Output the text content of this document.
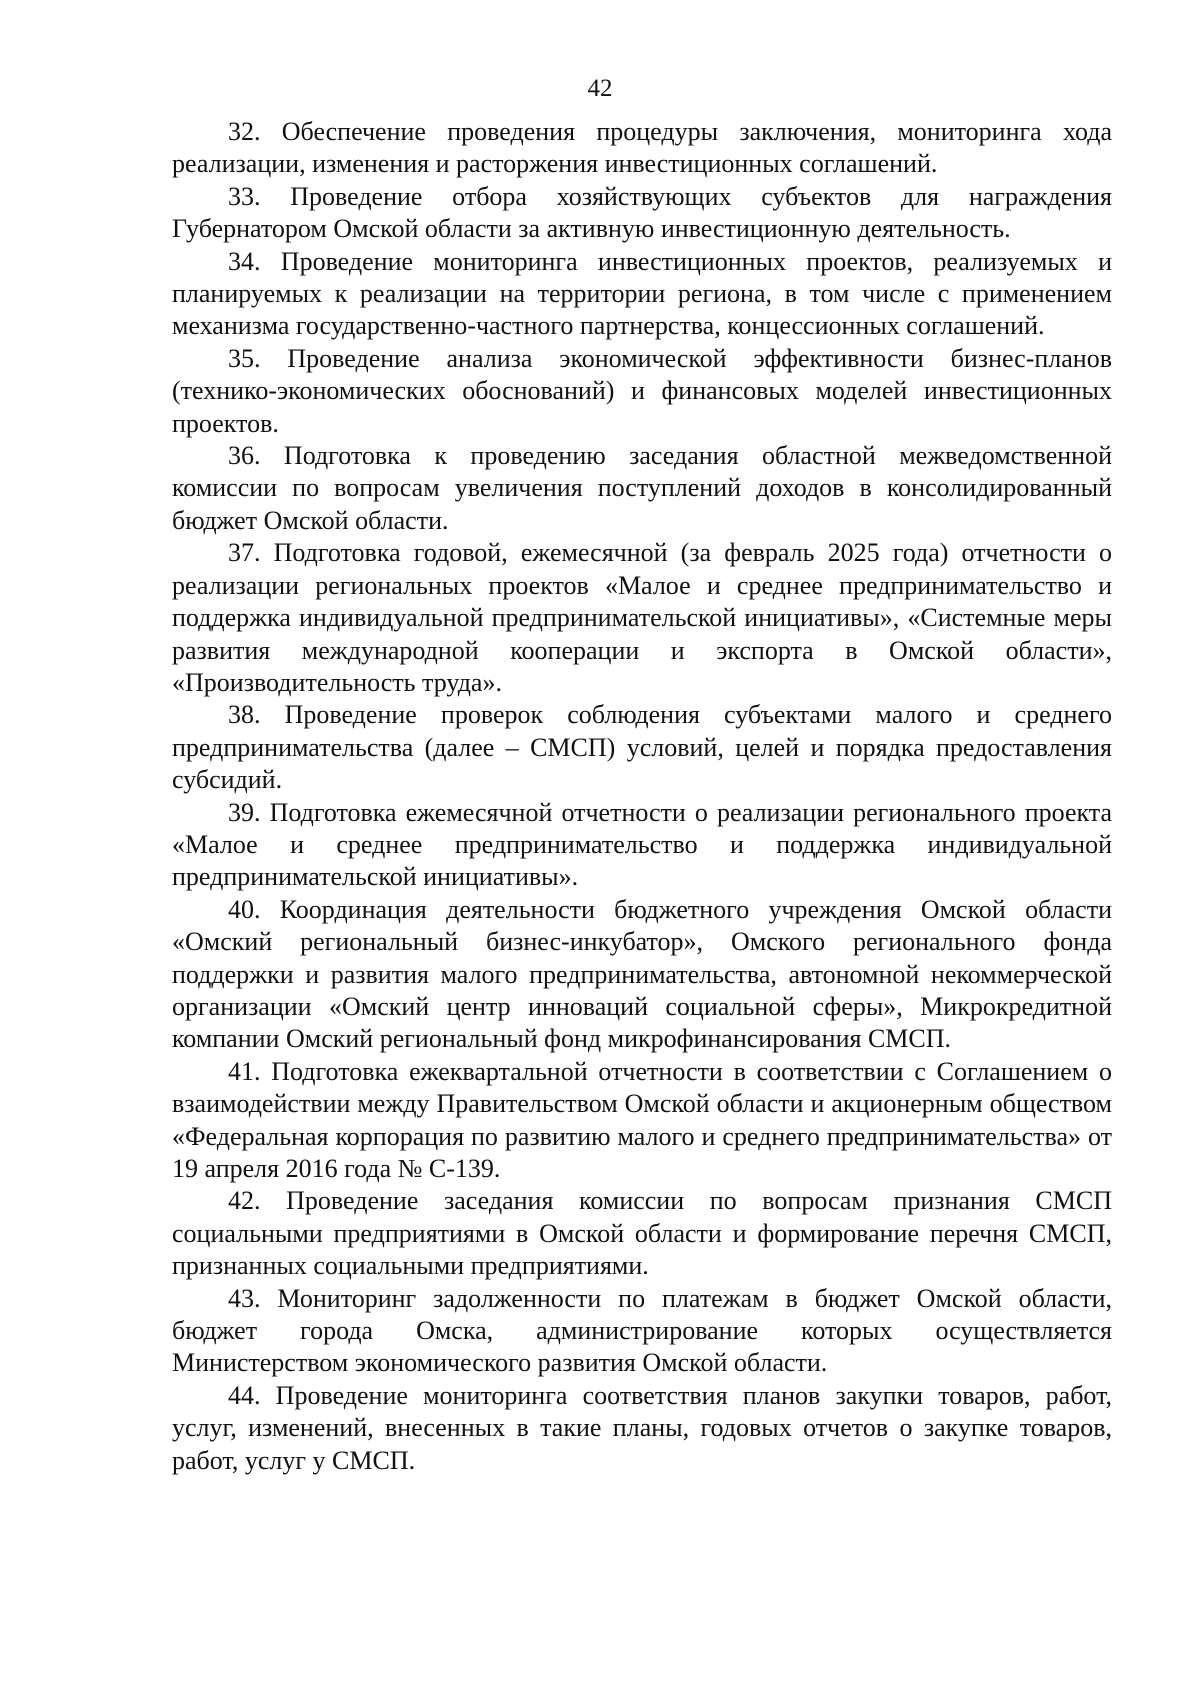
42

32. Обеспечение проведения процедуры заключения, мониторинга хода реализации, изменения и расторжения инвестиционных соглашений.

33. Проведение отбора хозяйствующих субъектов для награждения Губернатором Омской области за активную инвестиционную деятельность.

34. Проведение мониторинга инвестиционных проектов, реализуемых и планируемых к реализации на территории региона, в том числе с применением механизма государственно-частного партнерства, концессионных соглашений.

35. Проведение анализа экономической эффективности бизнес-планов (технико-экономических обоснований) и финансовых моделей инвестиционных проектов.

36. Подготовка к проведению заседания областной межведомственной комиссии по вопросам увеличения поступлений доходов в консолидированный бюджет Омской области.

37. Подготовка годовой, ежемесячной (за февраль 2025 года) отчетности о реализации региональных проектов «Малое и среднее предпринимательство и поддержка индивидуальной предпринимательской инициативы», «Системные меры развития международной кооперации и экспорта в Омской области», «Производительность труда».

38. Проведение проверок соблюдения субъектами малого и среднего предпринимательства (далее – СМСП) условий, целей и порядка предоставления субсидий.

39. Подготовка ежемесячной отчетности о реализации регионального проекта «Малое и среднее предпринимательство и поддержка индивидуальной предпринимательской инициативы».

40. Координация деятельности бюджетного учреждения Омской области «Омский региональный бизнес-инкубатор», Омского регионального фонда поддержки и развития малого предпринимательства, автономной некоммерческой организации «Омский центр инноваций социальной сферы», Микрокредитной компании Омский региональный фонд микрофинансирования СМСП.

41. Подготовка ежеквартальной отчетности в соответствии с Соглашением о взаимодействии между Правительством Омской области и акционерным обществом «Федеральная корпорация по развитию малого и среднего предпринимательства» от 19 апреля 2016 года № С-139.

42. Проведение заседания комиссии по вопросам признания СМСП социальными предприятиями в Омской области и формирование перечня СМСП, признанных социальными предприятиями.

43. Мониторинг задолженности по платежам в бюджет Омской области, бюджет города Омска, администрирование которых осуществляется Министерством экономического развития Омской области.

44. Проведение мониторинга соответствия планов закупки товаров, работ, услуг, изменений, внесенных в такие планы, годовых отчетов о закупке товаров, работ, услуг у СМСП.
